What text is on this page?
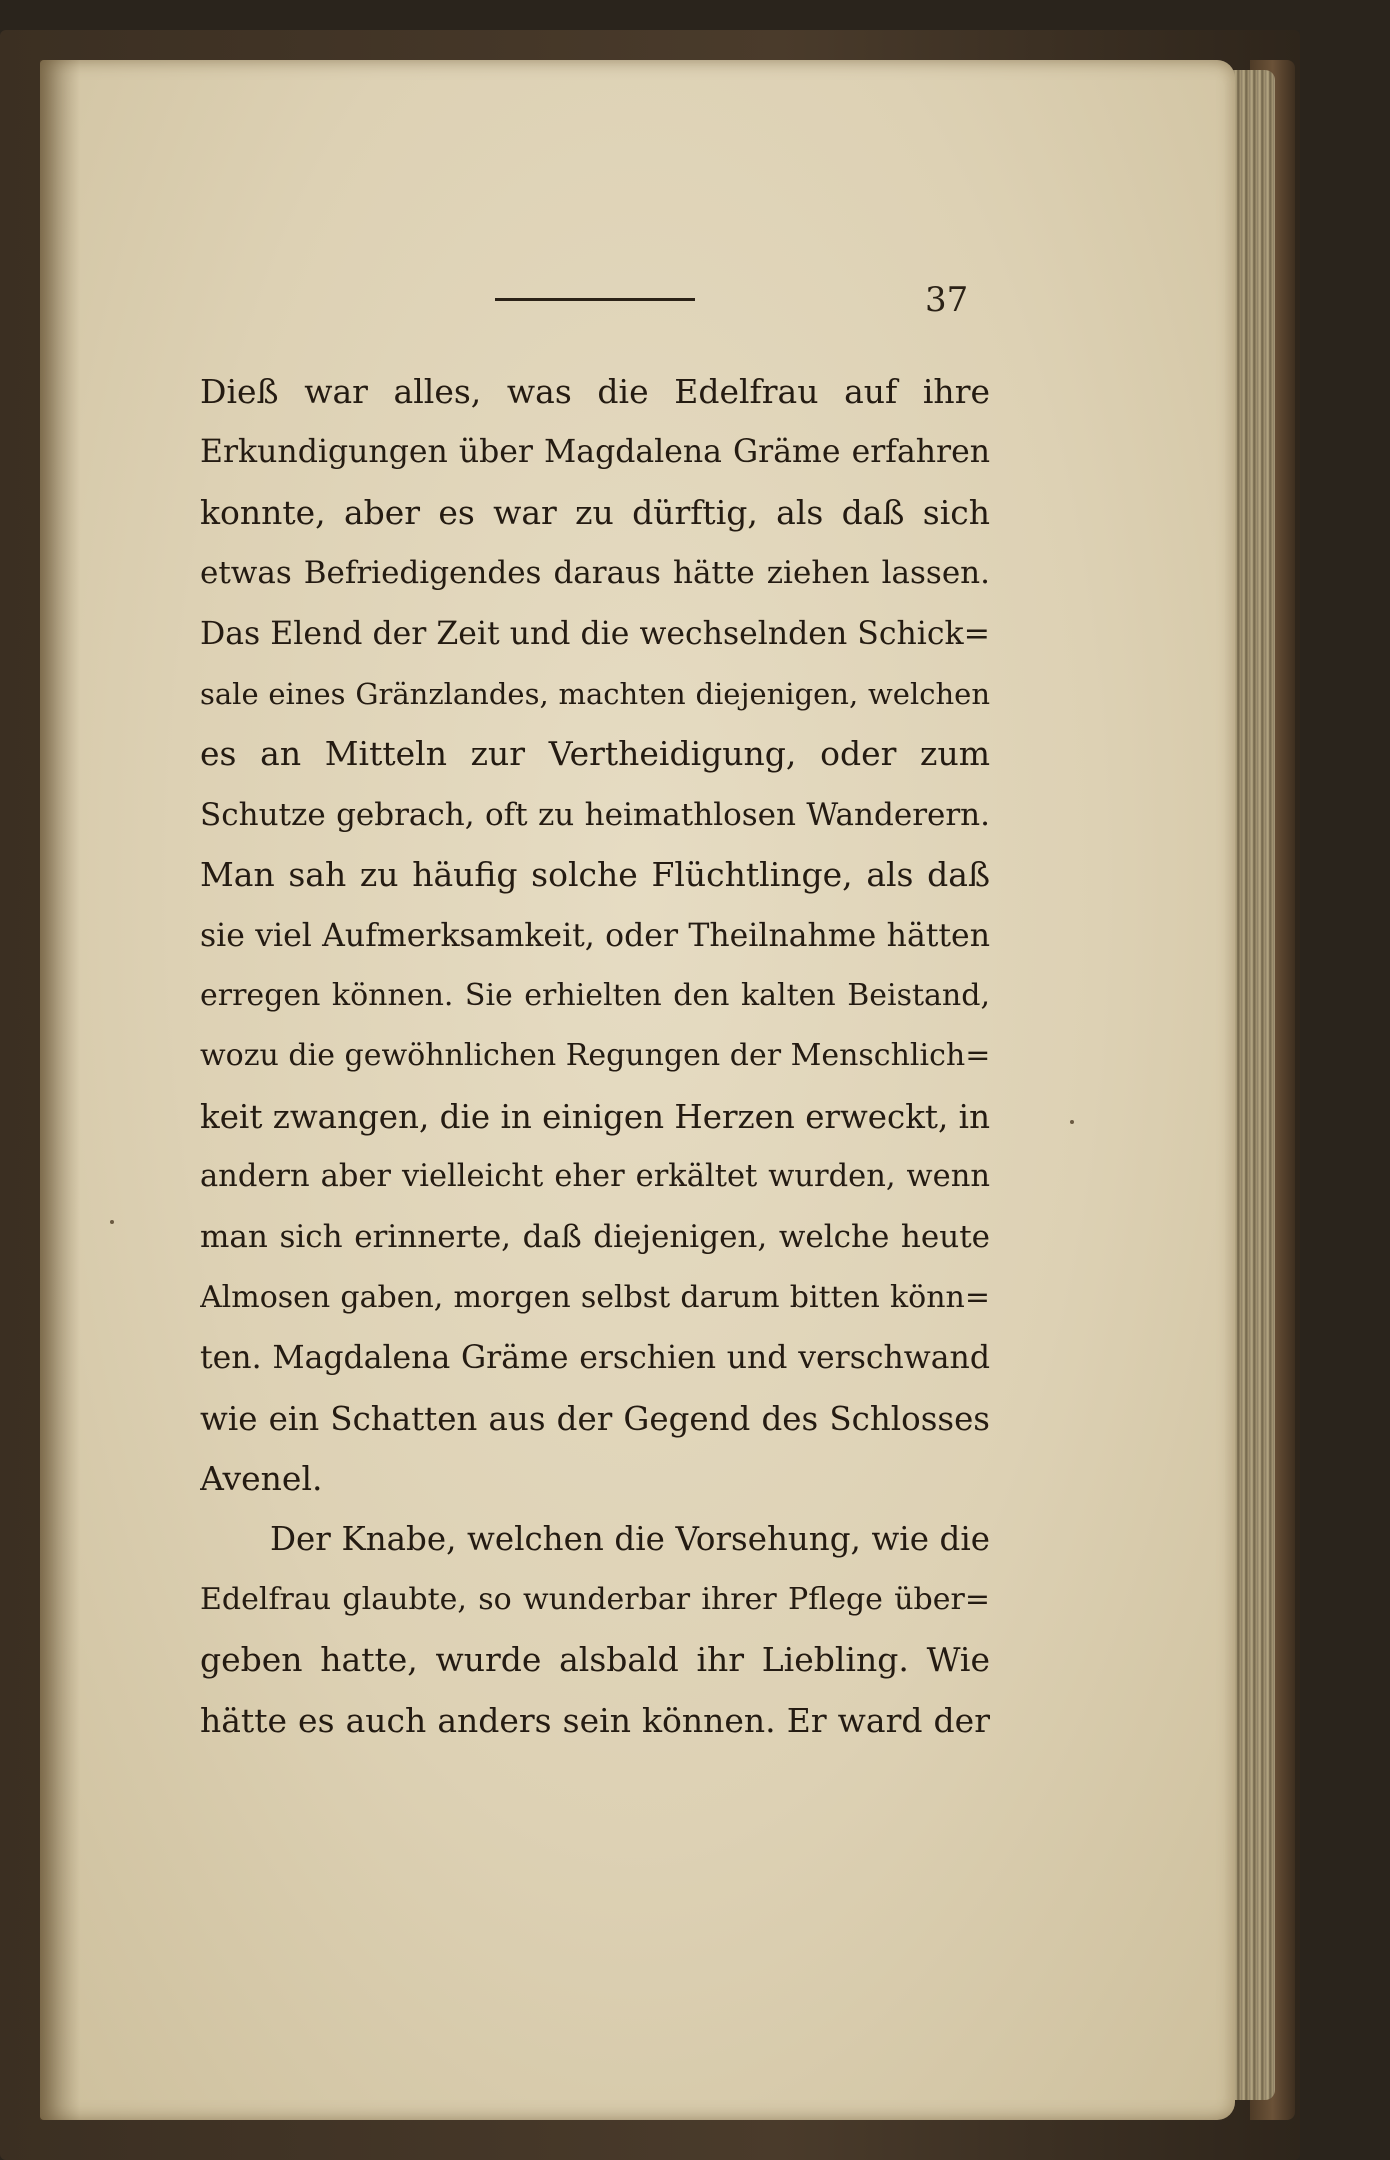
37
Dieß war alles, was die Edelfrau auf ihre
Erkundigungen über Magdalena Gräme erfahren
konnte, aber es war zu dürftig, als daß sich
etwas Befriedigendes daraus hätte ziehen lassen.
Das Elend der Zeit und die wechselnden Schick=
sale eines Gränzlandes, machten diejenigen, welchen
es an Mitteln zur Vertheidigung, oder zum
Schutze gebrach, oft zu heimathlosen Wanderern.
Man sah zu häufig solche Flüchtlinge, als daß
sie viel Aufmerksamkeit, oder Theilnahme hätten
erregen können. Sie erhielten den kalten Beistand,
wozu die gewöhnlichen Regungen der Menschlich=
keit zwangen, die in einigen Herzen erweckt, in
andern aber vielleicht eher erkältet wurden, wenn
man sich erinnerte, daß diejenigen, welche heute
Almosen gaben, morgen selbst darum bitten könn=
ten. Magdalena Gräme erschien und verschwand
wie ein Schatten aus der Gegend des Schlosses
Avenel.
Der Knabe, welchen die Vorsehung, wie die
Edelfrau glaubte, so wunderbar ihrer Pflege über=
geben hatte, wurde alsbald ihr Liebling. Wie
hätte es auch anders sein können. Er ward der
